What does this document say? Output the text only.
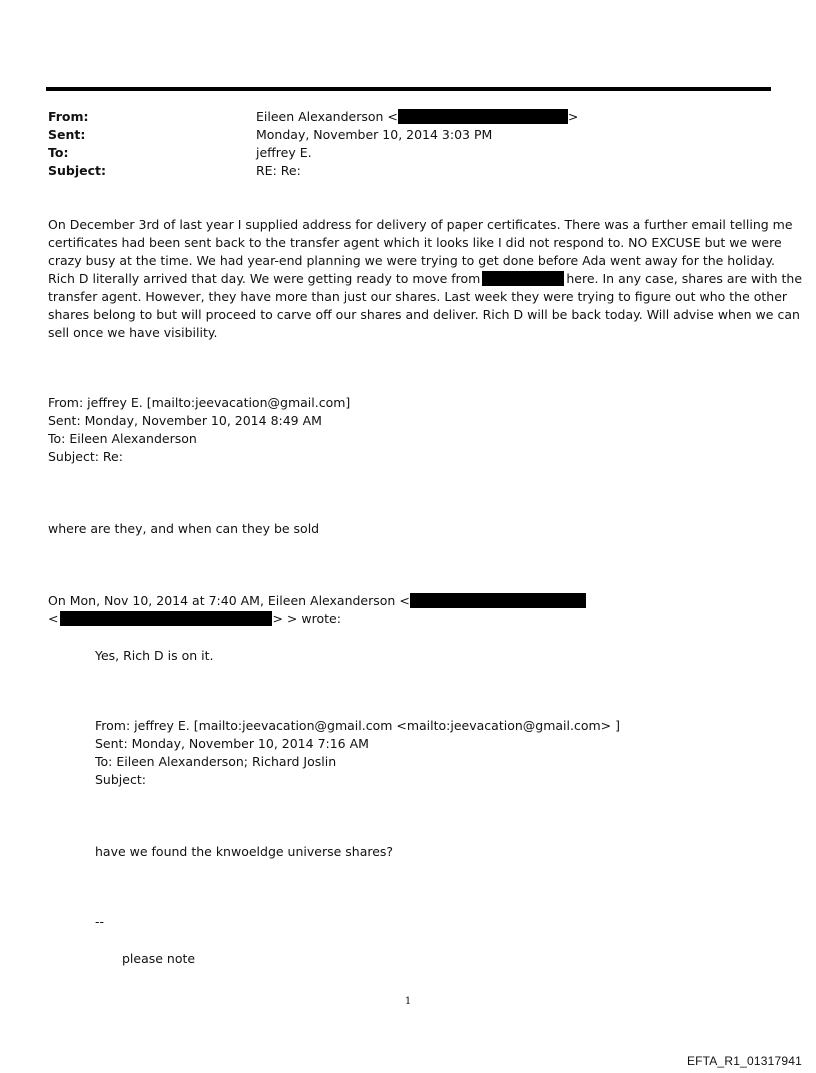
From:	Eileen Alexanderson <	>
Sent:	Monday, November 10, 2014 3:03 PM
To:	jeffrey E.
Subject:	RE: Re:
On December 3rd of last year I supplied address for delivery of paper certificates. There was a further email telling me
certificates had been sent back to the transfer agent which it looks like I did not respond to. NO EXCUSE but we were
crazy busy at the time. We had year-end planning we were trying to get done before Ada went away for the holiday.
Rich D literally arrived that day. We were getting ready to move from	here. In any case, shares are with the
transfer agent. However, they have more than just our shares. Last week they were trying to figure out who the other
shares belong to but will proceed to carve off our shares and deliver. Rich D will be back today. Will advise when we can
sell once we have visibility.
From: jeffrey E. [mailto:jeevacation@gmail.com]
Sent: Monday, November 10, 2014 8:49 AM
To: Eileen Alexanderson
Subject: Re:
where are they, and when can they be sold
On Mon, Nov 10, 2014 at 7:40 AM, Eileen Alexanderson <
<	> > wrote:
Yes, Rich D is on it.
From: jeffrey E. [mailto:jeevacation@gmail.com <mailto:jeevacation@gmail.com> ]
Sent: Monday, November 10, 2014 7:16 AM
To: Eileen Alexanderson; Richard Joslin
Subject:
have we found the knwoeldge universe shares?
--
please note
1
EFTA_R1_01317941
